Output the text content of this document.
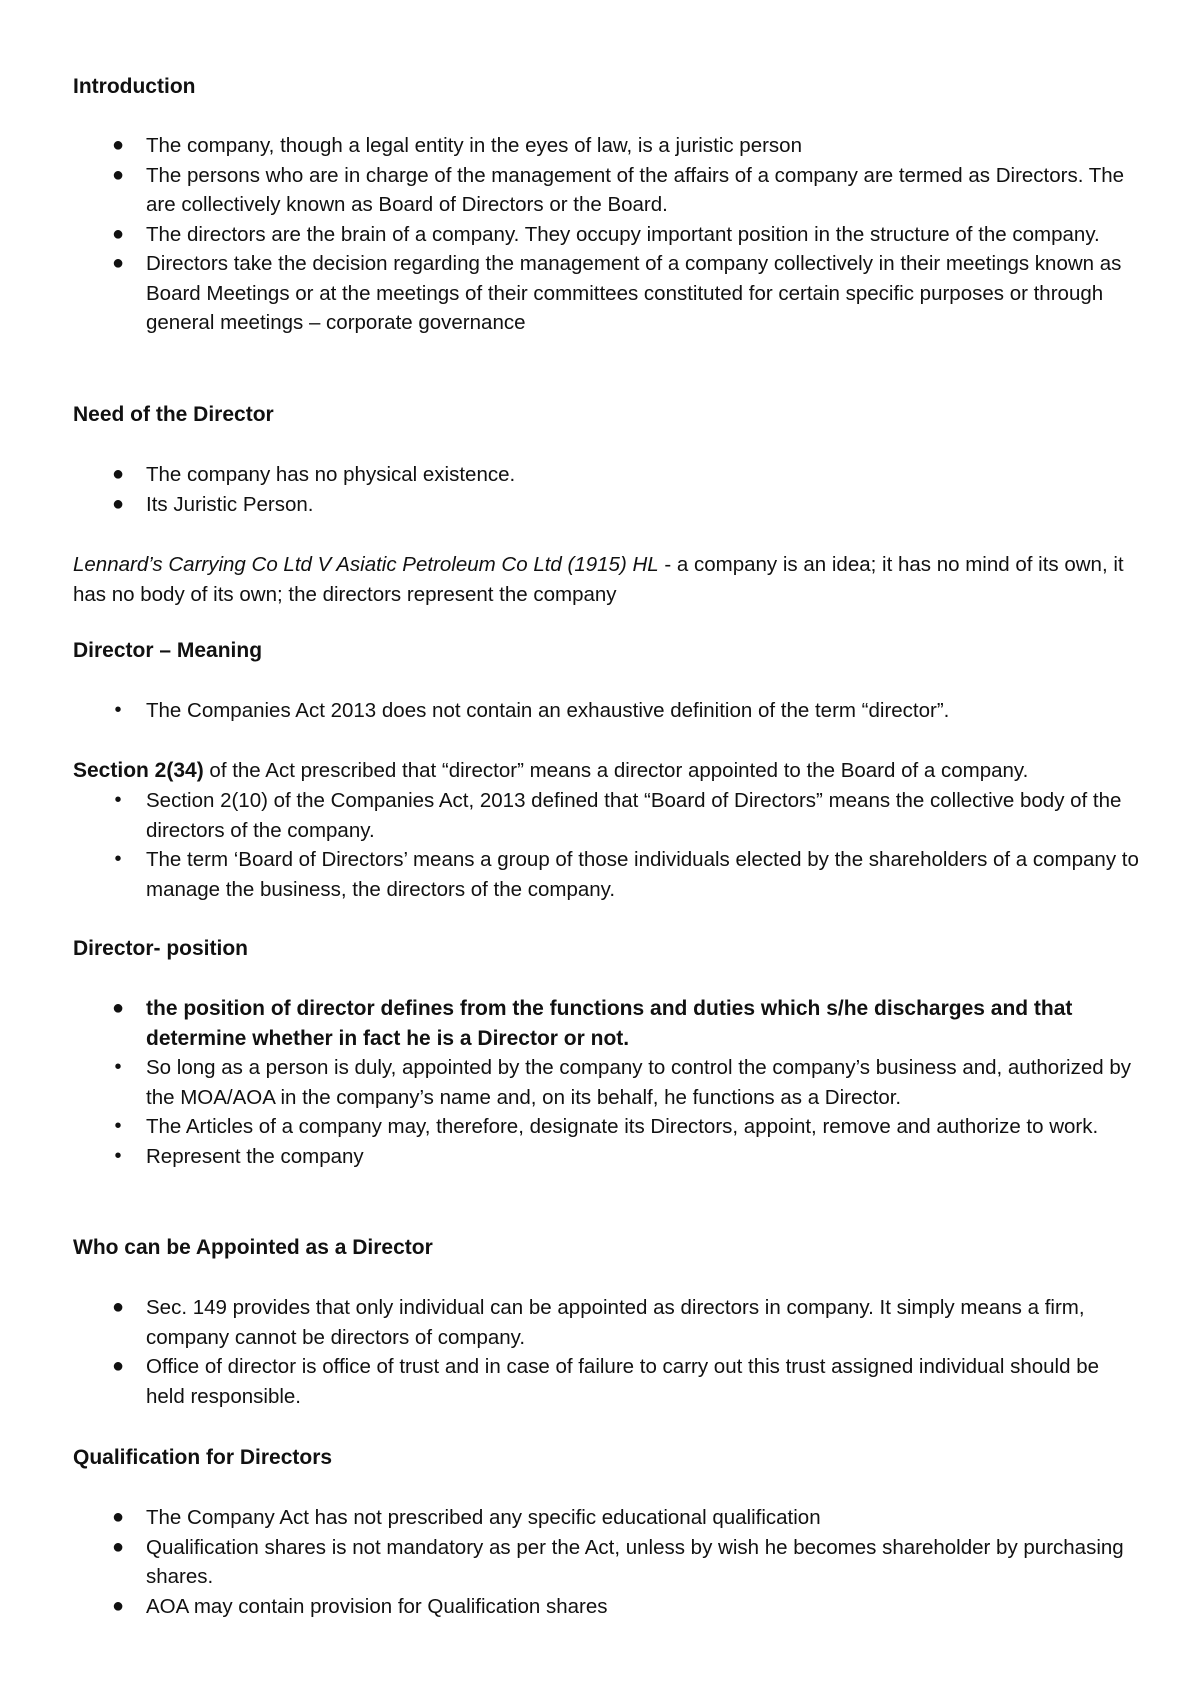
Introduction
● The company, though a legal entity in the eyes of law, is a juristic person
● The persons who are in charge of the management of the affairs of a company are termed as Directors. The are collectively known as Board of Directors or the Board.
● The directors are the brain of a company. They occupy important position in the structure of the company.
● Directors take the decision regarding the management of a company collectively in their meetings known as Board Meetings or at the meetings of their committees constituted for certain specific purposes or through general meetings – corporate governance
Need of the Director
● The company has no physical existence.
● Its Juristic Person.
Lennard’s Carrying Co Ltd V Asiatic Petroleum Co Ltd (1915) HL - a company is an idea; it has no mind of its own, it has no body of its own; the directors represent the company
Director – Meaning
•	The Companies Act 2013 does not contain an exhaustive definition of the term “director”.
Section 2(34) of the Act prescribed that “director” means a director appointed to the Board of a company.
•	Section 2(10) of the Companies Act, 2013 defined that “Board of Directors” means the collective body of the directors of the company.
•	The term ‘Board of Directors’ means a group of those individuals elected by the shareholders of a company to manage the business, the directors of the company.
Director- position
● the position of director defines from the functions and duties which s/he discharges and that determine whether in fact he is a Director or not.
•	So long as a person is duly, appointed by the company to control the company’s business and, authorized by the MOA/AOA in the company’s name and, on its behalf, he functions as a Director.
•	The Articles of a company may, therefore, designate its Directors, appoint, remove and authorize to work.
•	Represent the company
Who can be Appointed as a Director
● Sec. 149 provides that only individual can be appointed as directors in company. It simply means a firm, company cannot be directors of company.
● Office of director is office of trust and in case of failure to carry out this trust assigned individual should be held responsible.
Qualification for Directors
● The Company Act has not prescribed any specific educational qualification
● Qualification shares is not mandatory as per the Act, unless by wish he becomes shareholder by purchasing shares.
● AOA may contain provision for Qualification shares
